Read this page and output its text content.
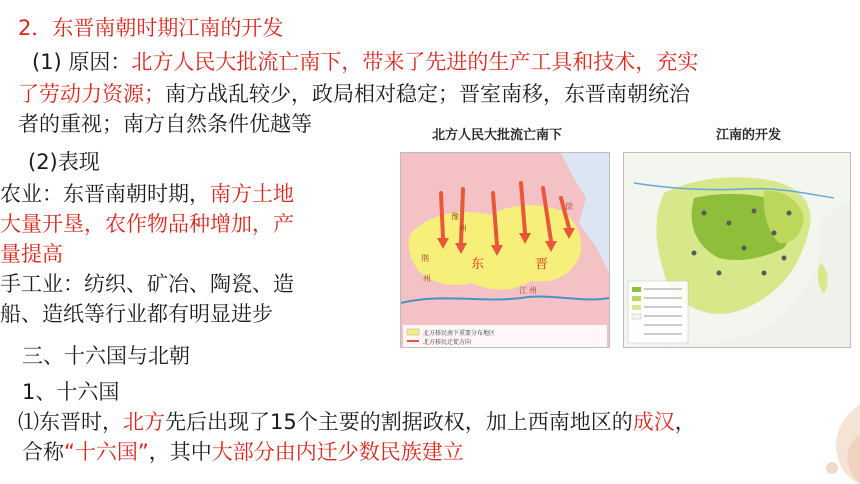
2．东晋南朝时期江南的开发
(1) 原因：北方人民大批流亡南下，带来了先进的生产工具和技术，充实
了劳动力资源；南方战乱较少，政局相对稳定；晋室南移，东晋南朝统治
者的重视；南方自然条件优越等
(2)表现
农业：东晋南朝时期，南方土地
大量开垦，农作物品种增加，产
量提高
手工业：纺织、矿冶、陶瓷、造
船、造纸等行业都有明显进步
三、十六国与北朝
1、十六国
⑴东晋时，北方先后出现了15个主要的割据政权，加上西南地区的成汉，
合称“十六国”，其中大部分由内迁少数民族建立
北方人民大批流亡南下	江南的开发
北方移民南下重要分布地区
北方移民迁徙方向
豫
州
荆	东	晋
州
江 州
徐
